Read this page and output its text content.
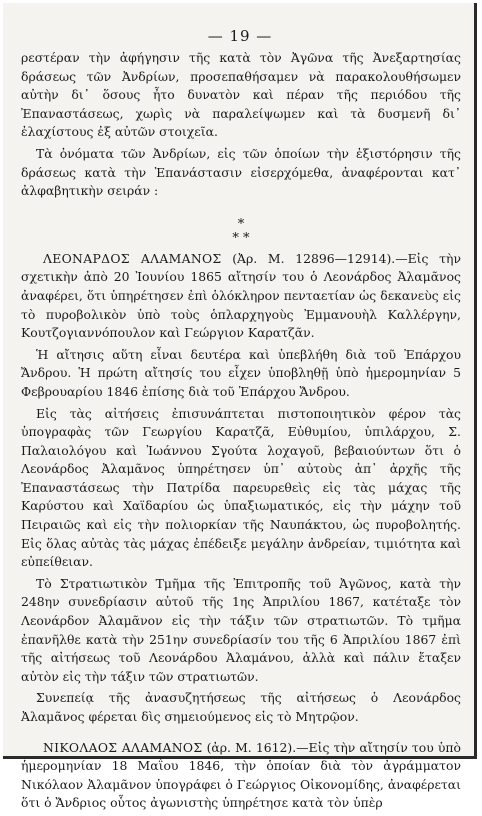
— 19 —

ρεστέραν τὴν ἀφήγησιν τῆς κατὰ τὸν Ἀγῶνα τῆς Ἀνεξαρτησίας δράσεως τῶν Ἀνδρίων, προσεπαθήσαμεν νὰ παρακολουθήσωμεν αὐτὴν δι᾽ ὅσους ἦτο δυνατὸν καὶ πέραν τῆς περιόδου τῆς Ἐπαναστάσεως, χωρὶς νὰ παραλείψωμεν καὶ τὰ δυσμενῆ δι᾽ ἐλαχίστους ἐξ αὐτῶν στοιχεῖα.

Τὰ ὀνόματα τῶν Ἀνδρίων, εἰς τῶν ὁποίων τὴν ἐξιστόρησιν τῆς δράσεως κατὰ τὴν Ἐπανάστασιν εἰσερχόμεθα, ἀναφέρονται κατ᾽ ἀλφαβητικὴν σειράν :

*
* *

ΛΕΟΝΑΡΔΟΣ ΑΛΑΜΑΝΟΣ (Ἀρ. Μ. 12896—12914).—Εἰς τὴν σχετικὴν ἀπὸ 20 Ἰουνίου 1865 αἴτησίν του ὁ Λεονάρδος Ἀλαμᾶνος ἀναφέρει, ὅτι ὑπηρέτησεν ἐπὶ ὁλόκληρον πενταετίαν ὡς δεκανεὺς εἰς τὸ πυροβολικὸν ὑπὸ τοὺς ὁπλαρχηγοὺς Ἐμμανουὴλ Καλλέργην, Κουτζογιαννόπουλον καὶ Γεώργιον Καρατζᾶν.

Ἡ αἴτησις αὕτη εἶναι δευτέρα καὶ ὑπεβλήθη διὰ τοῦ Ἐπάρχου Ἄνδρου. Ἡ πρώτη αἴτησίς του εἶχεν ὑποβληθῇ ὑπὸ ἡμερομηνίαν 5 Φεβρουαρίου 1846 ἐπίσης διὰ τοῦ Ἐπάρχου Ἄνδρου.

Εἰς τὰς αἰτήσεις ἐπισυνάπτεται πιστοποιητικὸν φέρον τὰς ὑπογραφὰς τῶν Γεωργίου Καρατζᾶ, Εὐθυμίου, ὑπιλάρχου, Σ. Παλαιολόγου καὶ Ἰωάννου Σγούτα λοχαγοῦ, βεβαιούντων ὅτι ὁ Λεονάρδος Ἀλαμᾶνος ὑπηρέτησεν ὑπ᾽ αὐτοὺς ἀπ᾽ ἀρχῆς τῆς Ἐπαναστάσεως τὴν Πατρίδα παρευρεθεὶς εἰς τὰς μάχας τῆς Καρύστου καὶ Χαϊδαρίου ὡς ὑπαξιωματικός, εἰς τὴν μάχην τοῦ Πειραιῶς καὶ εἰς τὴν πολιορκίαν τῆς Ναυπάκτου, ὡς πυροβολητής. Εἰς ὅλας αὐτὰς τὰς μάχας ἐπέδειξε μεγάλην ἀνδρείαν, τιμιότητα καὶ εὐπείθειαν.

Τὸ Στρατιωτικὸν Τμῆμα τῆς Ἐπιτροπῆς τοῦ Ἀγῶνος, κατὰ τὴν 248ην συνεδρίασιν αὐτοῦ τῆς 1ης Ἀπριλίου 1867, κατέταξε τὸν Λεονάρδον Ἀλαμᾶνον εἰς τὴν τάξιν τῶν στρατιωτῶν. Τὸ τμῆμα ἐπανῆλθε κατὰ τὴν 251ην συνεδρίασίν του τῆς 6 Ἀπριλίου 1867 ἐπὶ τῆς αἰτήσεως τοῦ Λεονάρδου Ἀλαμάνου, ἀλλὰ καὶ πάλιν ἔταξεν αὐτὸν εἰς τὴν τάξιν τῶν στρατιωτῶν.

Συνεπείᾳ τῆς ἀνασυζητήσεως τῆς αἰτήσεως ὁ Λεονάρδος Ἀλαμᾶνος φέρεται δὶς σημειούμενος εἰς τὸ Μητρῷον.

ΝΙΚΟΛΑΟΣ ΑΛΑΜΑΝΟΣ (ἀρ. Μ. 1612).—Εἰς τὴν αἴτησίν του ὑπὸ ἡμερομηνίαν 18 Μαΐου 1846, τὴν ὁποίαν διὰ τὸν ἀγράμματον Νικόλαον Ἀλαμᾶνον ὑπογράφει ὁ Γεώργιος Οἰκονομίδης, ἀναφέρεται ὅτι ὁ Ἄνδριος οὗτος ἀγωνιστὴς ὑπηρέτησε κατὰ τὸν ὑπὲρ
